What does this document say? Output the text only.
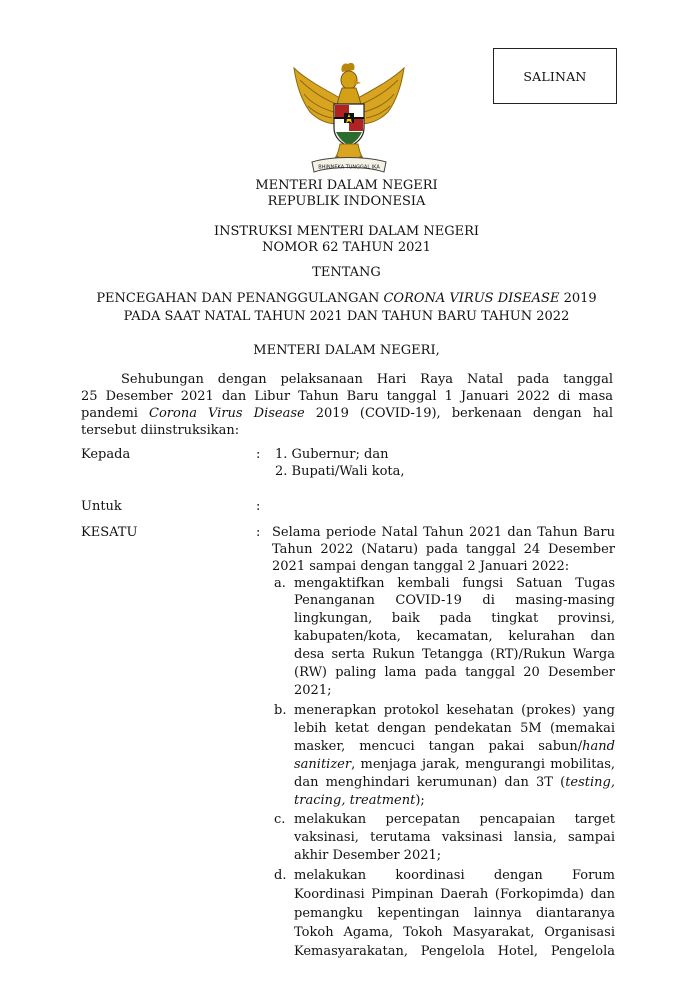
SALINAN
BHINNEKA TUNGGAL IKA
MENTERI DALAM NEGERI
REPUBLIK INDONESIA
INSTRUKSI MENTERI DALAM NEGERI
NOMOR 62 TAHUN 2021
TENTANG
PENCEGAHAN DAN PENANGGULANGAN CORONA VIRUS DISEASE 2019
PADA SAAT NATAL TAHUN 2021 DAN TAHUN BARU TAHUN 2022
MENTERI DALAM NEGERI,
Sehubungan dengan pelaksanaan Hari Raya Natal pada tanggal
25 Desember 2021 dan Libur Tahun Baru tanggal 1 Januari 2022 di masa
pandemi Corona Virus Disease 2019 (COVID-19), berkenaan dengan hal
tersebut diinstruksikan:
Kepada	: 1. Gubernur; dan
2. Bupati/Wali kota,
Untuk	:
KESATU	: Selama periode Natal Tahun 2021 dan Tahun Baru
Tahun 2022 (Nataru) pada tanggal 24 Desember
2021 sampai dengan tanggal 2 Januari 2022:
a. mengaktifkan kembali fungsi Satuan Tugas
Penanganan COVID-19 di masing-masing
lingkungan, baik pada tingkat provinsi,
kabupaten/kota, kecamatan, kelurahan dan
desa serta Rukun Tetangga (RT)/Rukun Warga
(RW) paling lama pada tanggal 20 Desember
2021;
b. menerapkan protokol kesehatan (prokes) yang
lebih ketat dengan pendekatan 5M (memakai
masker, mencuci tangan pakai sabun/hand
sanitizer, menjaga jarak, mengurangi mobilitas,
dan menghindari kerumunan) dan 3T (testing,
tracing, treatment);
c. melakukan percepatan pencapaian target
vaksinasi, terutama vaksinasi lansia, sampai
akhir Desember 2021;
d. melakukan koordinasi dengan Forum
Koordinasi Pimpinan Daerah (Forkopimda) dan
pemangku kepentingan lainnya diantaranya
Tokoh Agama, Tokoh Masyarakat, Organisasi
Kemasyarakatan, Pengelola Hotel, Pengelola
